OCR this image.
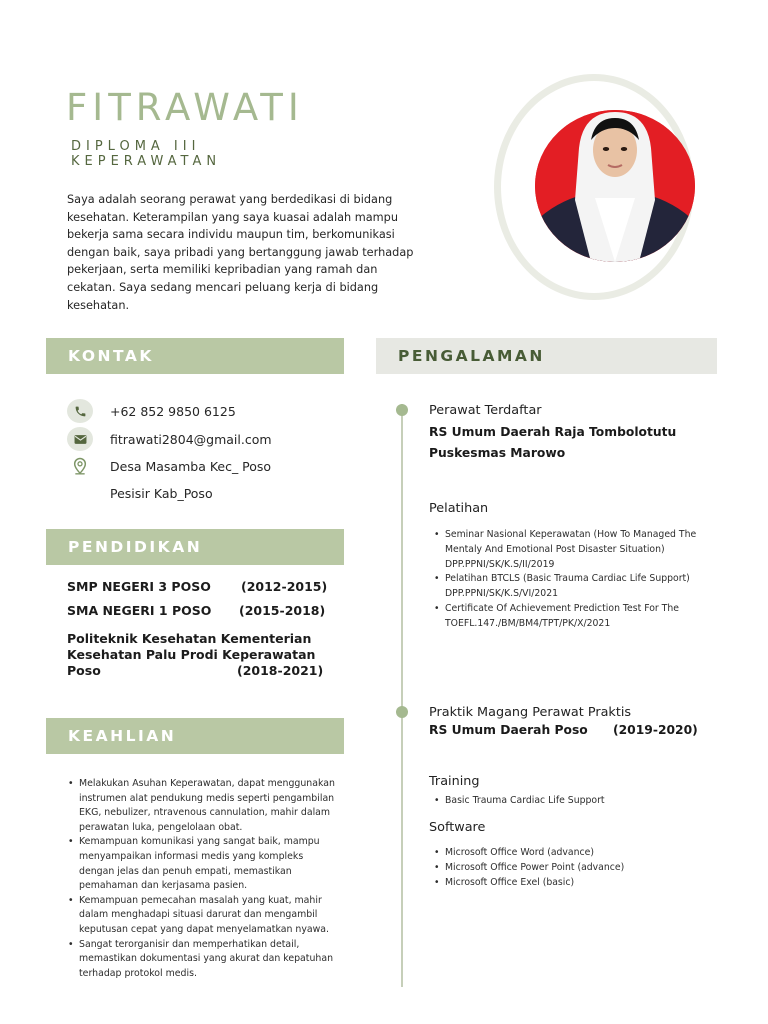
FITRAWATI
DIPLOMA III
KEPERAWATAN

Saya adalah seorang perawat yang berdedikasi di bidang kesehatan. Keterampilan yang saya kuasai adalah mampu bekerja sama secara individu maupun tim, berkomunikasi dengan baik, saya pribadi yang bertanggung jawab terhadap pekerjaan, serta memiliki kepribadian yang ramah dan cekatan. Saya sedang mencari peluang kerja di bidang kesehatan.

KONTAK	PENGALAMAN
PENDIDIKAN
KEAHLIAN
+62 852 9850 6125
fitrawati2804@gmail.com
Desa Masamba Kec_ Poso
Pesisir Kab_Poso
SMP NEGERI 3 POSO (2012-2015)
SMA NEGERI 1 POSO (2015-2018)
Politeknik Kesehatan Kementerian
Kesehatan Palu Prodi Keperawatan
Poso	(2018-2021)
• Melakukan Asuhan Keperawatan, dapat menggunakan instrumen alat pendukung medis seperti pengambilan EKG, nebulizer, ntravenous cannulation, mahir dalam perawatan luka, pengelolaan obat.
• Kemampuan komunikasi yang sangat baik, mampu menyampaikan informasi medis yang kompleks dengan jelas dan penuh empati, memastikan pemahaman dan kerjasama pasien.
• Kemampuan pemecahan masalah yang kuat, mahir dalam menghadapi situasi darurat dan mengambil keputusan cepat yang dapat menyelamatkan nyawa.
• Sangat terorganisir dan memperhatikan detail, memastikan dokumentasi yang akurat dan kepatuhan terhadap protokol medis.
Perawat Terdaftar
RS Umum Daerah Raja Tombolotutu
Puskesmas Marowo
Pelatihan
• Seminar Nasional Keperawatan (How To Managed The Mentaly And Emotional Post Disaster Situation) DPP.PPNI/SK/K.S/II/2019
• Pelatihan BTCLS (Basic Trauma Cardiac Life Support) DPP.PPNI/SK/K.S/VI/2021
• Certificate Of Achievement Prediction Test For The TOEFL.147./BM/BM4/TPT/PK/X/2021
Praktik Magang Perawat Praktis
RS Umum Daerah Poso (2019-2020)
Training
• Basic Trauma Cardiac Life Support
Software
• Microsoft Office Word (advance)
• Microsoft Office Power Point (advance)
• Microsoft Office Exel (basic)
